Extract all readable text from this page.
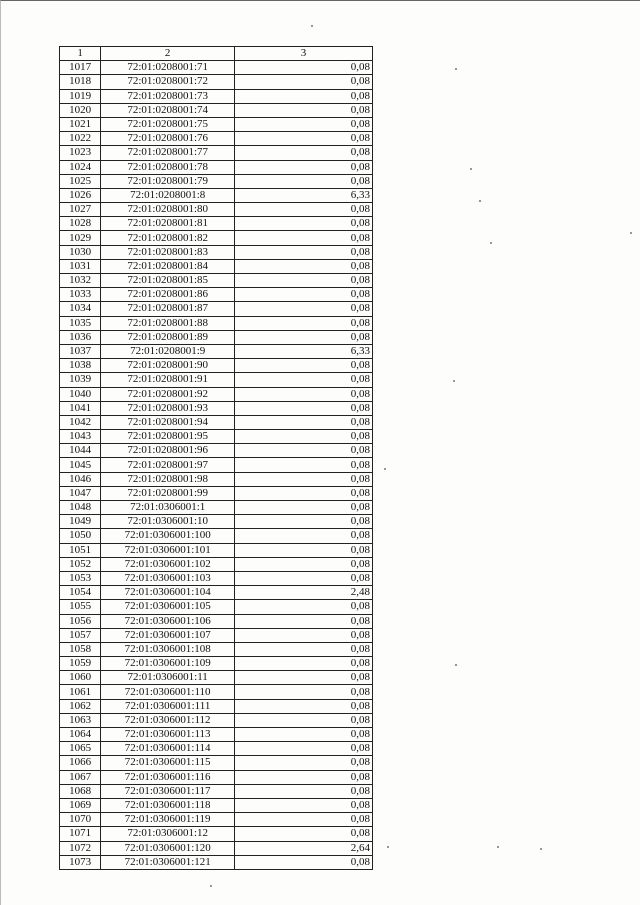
1	2	3
1017	72:01:0208001:71	0,08
1018	72:01:0208001:72	0,08
1019	72:01:0208001:73	0,08
1020	72:01:0208001:74	0,08
1021	72:01:0208001:75	0,08
1022	72:01:0208001:76	0,08
1023	72:01:0208001:77	0,08
1024	72:01:0208001:78	0,08
1025	72:01:0208001:79	0,08
1026	72:01:0208001:8	6,33
1027	72:01:0208001:80	0,08
1028	72:01:0208001:81	0,08
1029	72:01:0208001:82	0,08
1030	72:01:0208001:83	0,08
1031	72:01:0208001:84	0,08
1032	72:01:0208001:85	0,08
1033	72:01:0208001:86	0,08
1034	72:01:0208001:87	0,08
1035	72:01:0208001:88	0,08
1036	72:01:0208001:89	0,08
1037	72:01:0208001:9	6,33
1038	72:01:0208001:90	0,08
1039	72:01:0208001:91	0,08
1040	72:01:0208001:92	0,08
1041	72:01:0208001:93	0,08
1042	72:01:0208001:94	0,08
1043	72:01:0208001:95	0,08
1044	72:01:0208001:96	0,08
1045	72:01:0208001:97	0,08
1046	72:01:0208001:98	0,08
1047	72:01:0208001:99	0,08
1048	72:01:0306001:1	0,08
1049	72:01:0306001:10	0,08
1050	72:01:0306001:100	0,08
1051	72:01:0306001:101	0,08
1052	72:01:0306001:102	0,08
1053	72:01:0306001:103	0,08
1054	72:01:0306001:104	2,48
1055	72:01:0306001:105	0,08
1056	72:01:0306001:106	0,08
1057	72:01:0306001:107	0,08
1058	72:01:0306001:108	0,08
1059	72:01:0306001:109	0,08
1060	72:01:0306001:11	0,08
1061	72:01:0306001:110	0,08
1062	72:01:0306001:111	0,08
1063	72:01:0306001:112	0,08
1064	72:01:0306001:113	0,08
1065	72:01:0306001:114	0,08
1066	72:01:0306001:115	0,08
1067	72:01:0306001:116	0,08
1068	72:01:0306001:117	0,08
1069	72:01:0306001:118	0,08
1070	72:01:0306001:119	0,08
1071	72:01:0306001:12	0,08
1072	72:01:0306001:120	2,64
1073	72:01:0306001:121	0,08
